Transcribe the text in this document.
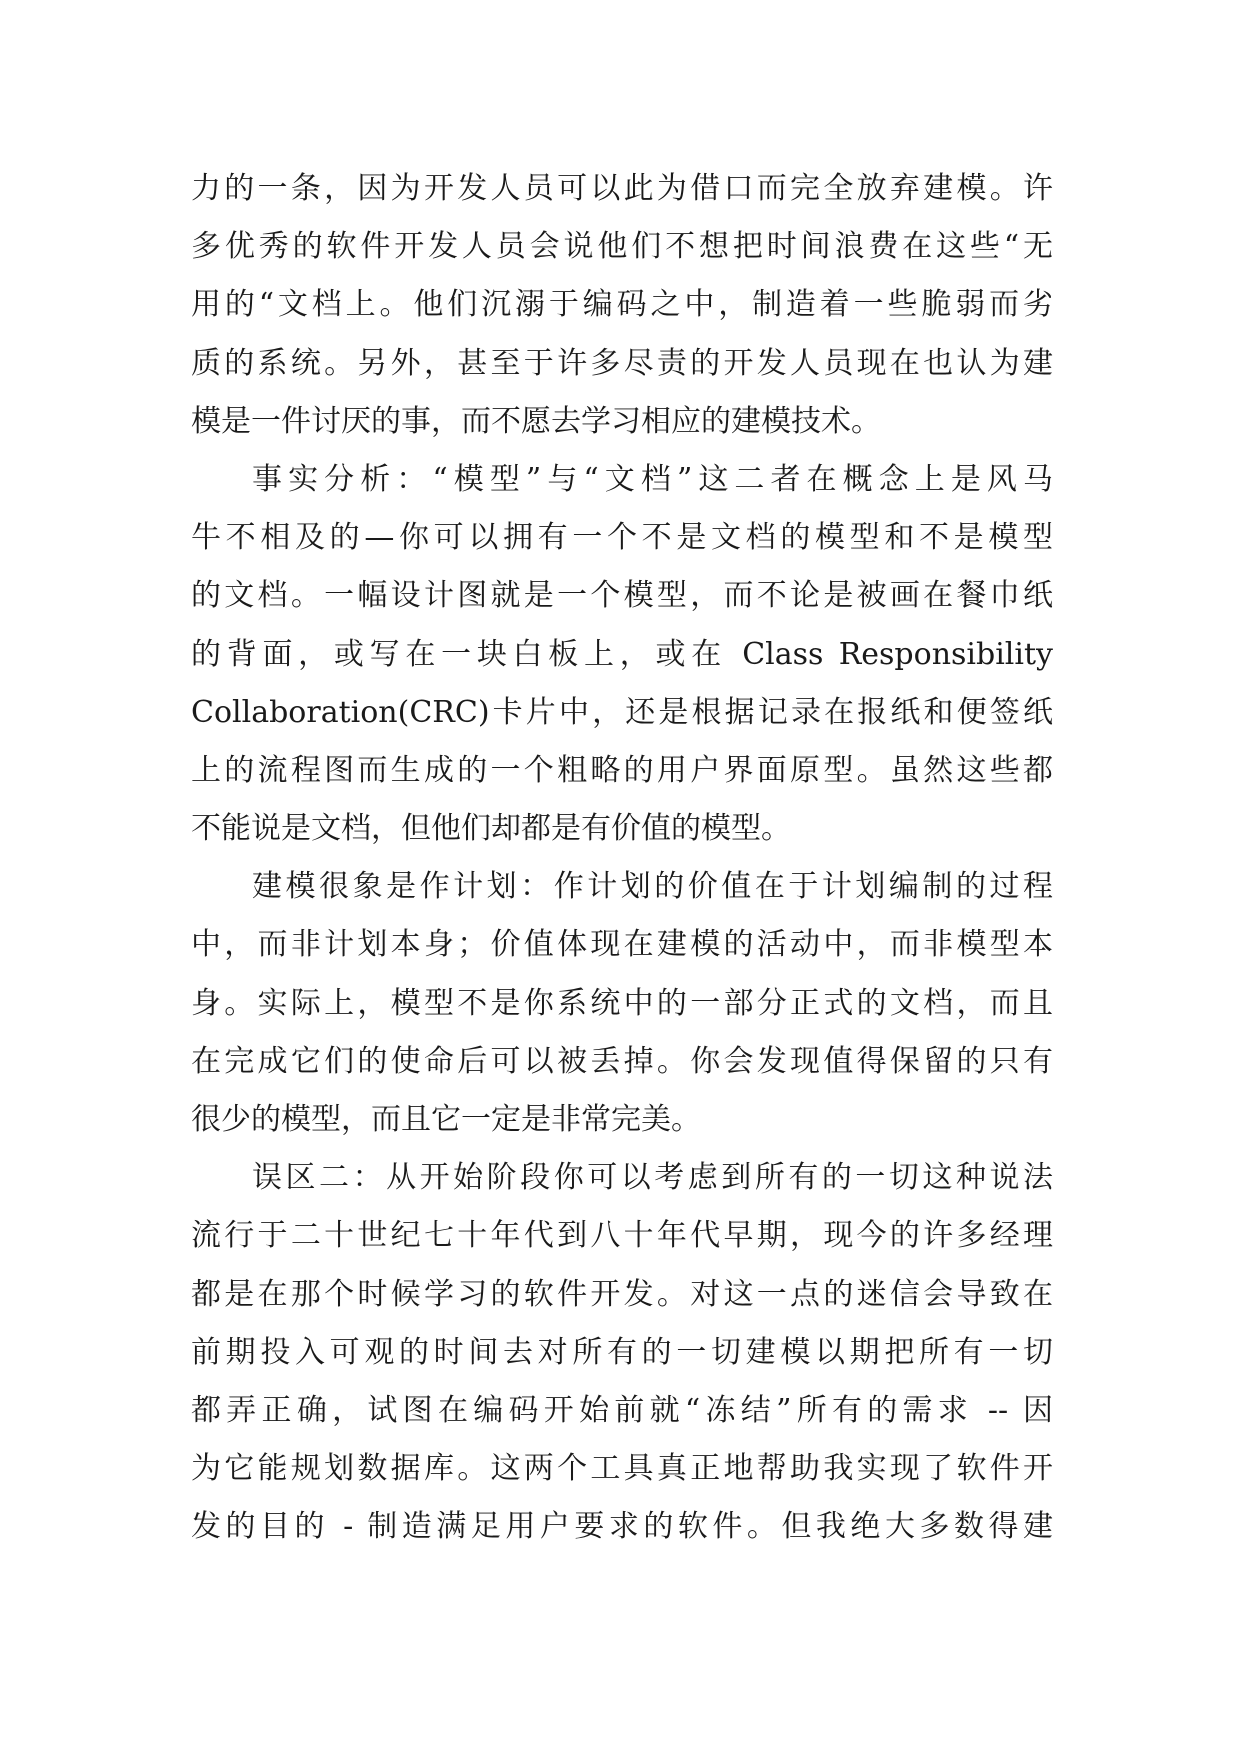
力的一条，因为开发人员可以此为借口而完全放弃建模。许
多优秀的软件开发人员会说他们不想把时间浪费在这些“无
用的“文档上。他们沉溺于编码之中，制造着一些脆弱而劣
质的系统。另外，甚至于许多尽责的开发人员现在也认为建
模是一件讨厌的事，而不愿去学习相应的建模技术。
事实分析：“模型”与“文档”这二者在概念上是风马
牛不相及的—你可以拥有一个不是文档的模型和不是模型
的文档。一幅设计图就是一个模型，而不论是被画在餐巾纸
的背面，或写在一块白板上，或在 Class Responsibility
Collaboration(CRC)卡片中，还是根据记录在报纸和便签纸
上的流程图而生成的一个粗略的用户界面原型。虽然这些都
不能说是文档，但他们却都是有价值的模型。
建模很象是作计划：作计划的价值在于计划编制的过程
中，而非计划本身；价值体现在建模的活动中，而非模型本
身。实际上，模型不是你系统中的一部分正式的文档，而且
在完成它们的使命后可以被丢掉。你会发现值得保留的只有
很少的模型，而且它一定是非常完美。
误区二：从开始阶段你可以考虑到所有的一切这种说法
流行于二十世纪七十年代到八十年代早期，现今的许多经理
都是在那个时候学习的软件开发。对这一点的迷信会导致在
前期投入可观的时间去对所有的一切建模以期把所有一切
都弄正确，试图在编码开始前就“冻结”所有的需求 -- 因
为它能规划数据库。这两个工具真正地帮助我实现了软件开
发的目的 - 制造满足用户要求的软件。但我绝大多数得建
